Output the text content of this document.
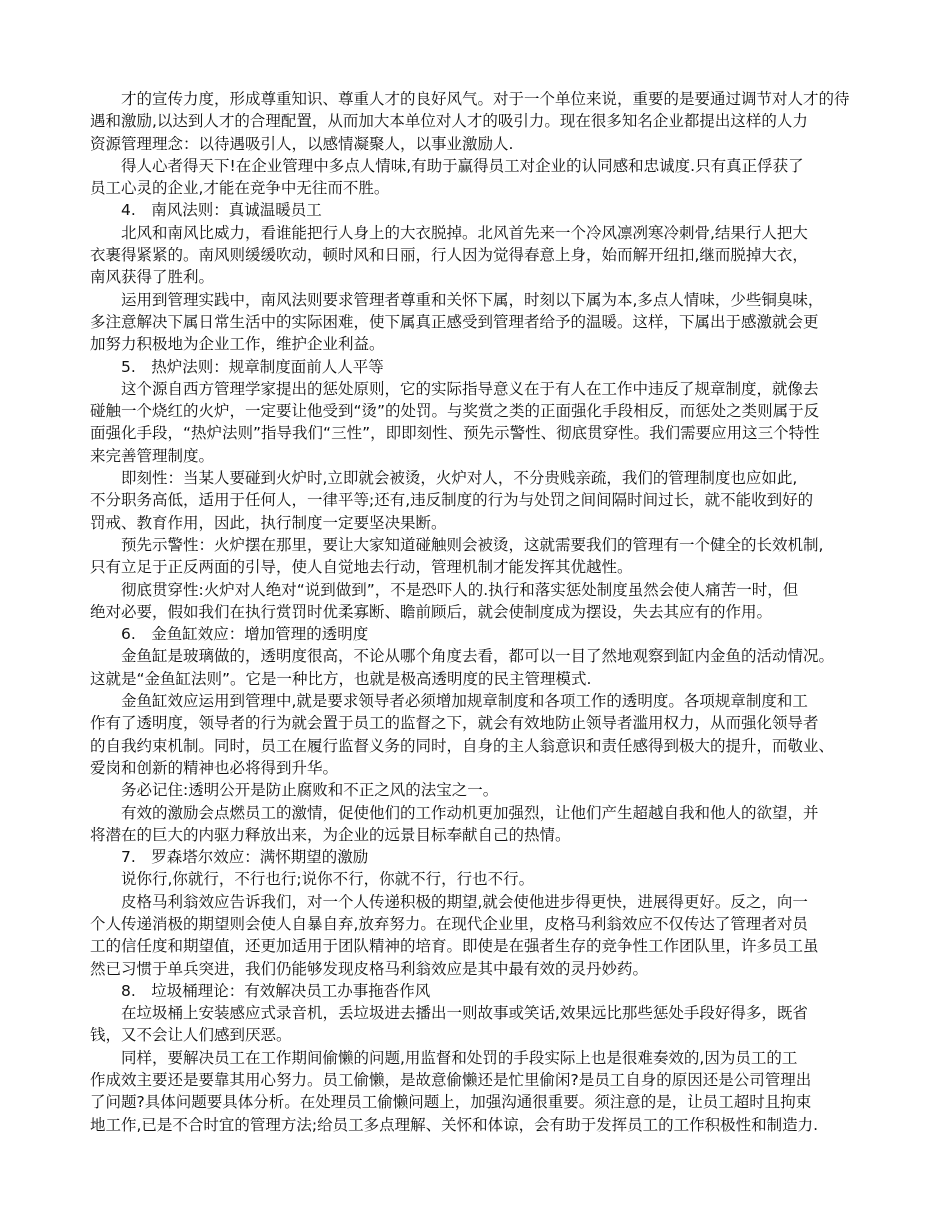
才的宣传力度，形成尊重知识、尊重人才的良好风气。对于一个单位来说，重要的是要通过调节对人才的待
遇和激励,以达到人才的合理配置，从而加大本单位对人才的吸引力。现在很多知名企业都提出这样的人力
资源管理理念：以待遇吸引人，以感情凝聚人，以事业激励人.
得人心者得天下!在企业管理中多点人情味,有助于赢得员工对企业的认同感和忠诚度.只有真正俘获了
员工心灵的企业,才能在竞争中无往而不胜。
4.　南风法则：真诚温暖员工
北风和南风比威力，看谁能把行人身上的大衣脱掉。北风首先来一个冷风凛冽寒冷刺骨,结果行人把大
衣裹得紧紧的。南风则缓缓吹动，顿时风和日丽，行人因为觉得春意上身，始而解开纽扣,继而脱掉大衣，
南风获得了胜利。
运用到管理实践中，南风法则要求管理者尊重和关怀下属，时刻以下属为本,多点人情味，少些铜臭味，
多注意解决下属日常生活中的实际困难，使下属真正感受到管理者给予的温暖。这样，下属出于感激就会更
加努力积极地为企业工作，维护企业利益。
5.　热炉法则：规章制度面前人人平等
这个源自西方管理学家提出的惩处原则，它的实际指导意义在于有人在工作中违反了规章制度，就像去
碰触一个烧红的火炉，一定要让他受到“烫”的处罚。与奖赏之类的正面强化手段相反，而惩处之类则属于反
面强化手段，“热炉法则”指导我们“三性”，即即刻性、预先示警性、彻底贯穿性。我们需要应用这三个特性
来完善管理制度。
即刻性：当某人要碰到火炉时,立即就会被烫，火炉对人，不分贵贱亲疏，我们的管理制度也应如此,
不分职务高低，适用于任何人，一律平等;还有,违反制度的行为与处罚之间间隔时间过长，就不能收到好的
罚戒、教育作用，因此，执行制度一定要坚决果断。
预先示警性：火炉摆在那里，要让大家知道碰触则会被烫，这就需要我们的管理有一个健全的长效机制,
只有立足于正反两面的引导，使人自觉地去行动，管理机制才能发挥其优越性。
彻底贯穿性:火炉对人绝对“说到做到”，不是恐吓人的.执行和落实惩处制度虽然会使人痛苦一时，但
绝对必要，假如我们在执行赏罚时优柔寡断、瞻前顾后，就会使制度成为摆设，失去其应有的作用。
6.　金鱼缸效应：增加管理的透明度
金鱼缸是玻璃做的，透明度很高，不论从哪个角度去看，都可以一目了然地观察到缸内金鱼的活动情况。
这就是“金鱼缸法则”。它是一种比方，也就是极高透明度的民主管理模式.
金鱼缸效应运用到管理中,就是要求领导者必须增加规章制度和各项工作的透明度。各项规章制度和工
作有了透明度，领导者的行为就会置于员工的监督之下，就会有效地防止领导者滥用权力，从而强化领导者
的自我约束机制。同时，员工在履行监督义务的同时，自身的主人翁意识和责任感得到极大的提升，而敬业、
爱岗和创新的精神也必将得到升华。
务必记住:透明公开是防止腐败和不正之风的法宝之一。
有效的激励会点燃员工的激情，促使他们的工作动机更加强烈，让他们产生超越自我和他人的欲望，并
将潜在的巨大的内驱力释放出来，为企业的远景目标奉献自己的热情。
7.　罗森塔尔效应：满怀期望的激励
说你行,你就行，不行也行;说你不行，你就不行，行也不行。
皮格马利翁效应告诉我们，对一个人传递积极的期望,就会使他进步得更快，进展得更好。反之，向一
个人传递消极的期望则会使人自暴自弃,放弃努力。在现代企业里，皮格马利翁效应不仅传达了管理者对员
工的信任度和期望值，还更加适用于团队精神的培育。即使是在强者生存的竞争性工作团队里，许多员工虽
然已习惯于单兵突进，我们仍能够发现皮格马利翁效应是其中最有效的灵丹妙药。
8.　垃圾桶理论：有效解决员工办事拖沓作风
在垃圾桶上安装感应式录音机，丢垃圾进去播出一则故事或笑话,效果远比那些惩处手段好得多，既省
钱，又不会让人们感到厌恶。
同样，要解决员工在工作期间偷懒的问题,用监督和处罚的手段实际上也是很难奏效的,因为员工的工
作成效主要还是要靠其用心努力。员工偷懒，是故意偷懒还是忙里偷闲?是员工自身的原因还是公司管理出
了问题?具体问题要具体分析。在处理员工偷懒问题上，加强沟通很重要。须注意的是，让员工超时且拘束
地工作,已是不合时宜的管理方法;给员工多点理解、关怀和体谅，会有助于发挥员工的工作积极性和制造力.
